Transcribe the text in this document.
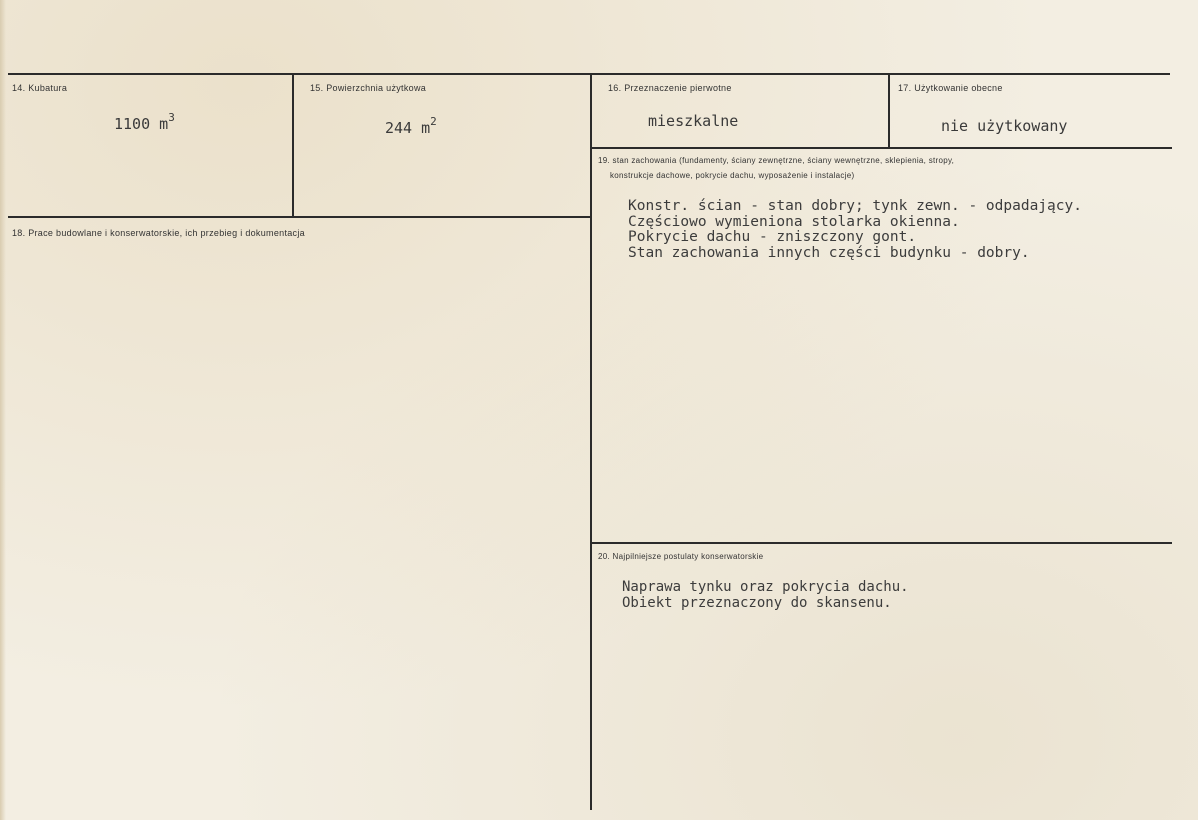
14. Kubatura
1100 $m^3$
15. Powierzchnia użytkowa
244 $m^2$
16. Przeznaczenie pierwotne
mieszkalne
17. Użytkowanie obecne
nie użytkowany
18. Prace budowlane i konserwatorskie, ich przebieg i dokumentacja
19. stan zachowania (fundamenty, ściany zewnętrzne, ściany wewnętrzne, sklepienia, stropy,
konstrukcje dachowe, pokrycie dachu, wyposażenie i instalacje)
Konstr. ścian - stan dobry; tynk zewn. - odpadający.
Częściowo wymieniona stolarka okienna.
Pokrycie dachu - zniszczony gont.
Stan zachowania innych części budynku - dobry.
20. Najpilniejsze postulaty konserwatorskie
Naprawa tynku oraz pokrycia dachu.
Obiekt przeznaczony do skansenu.
